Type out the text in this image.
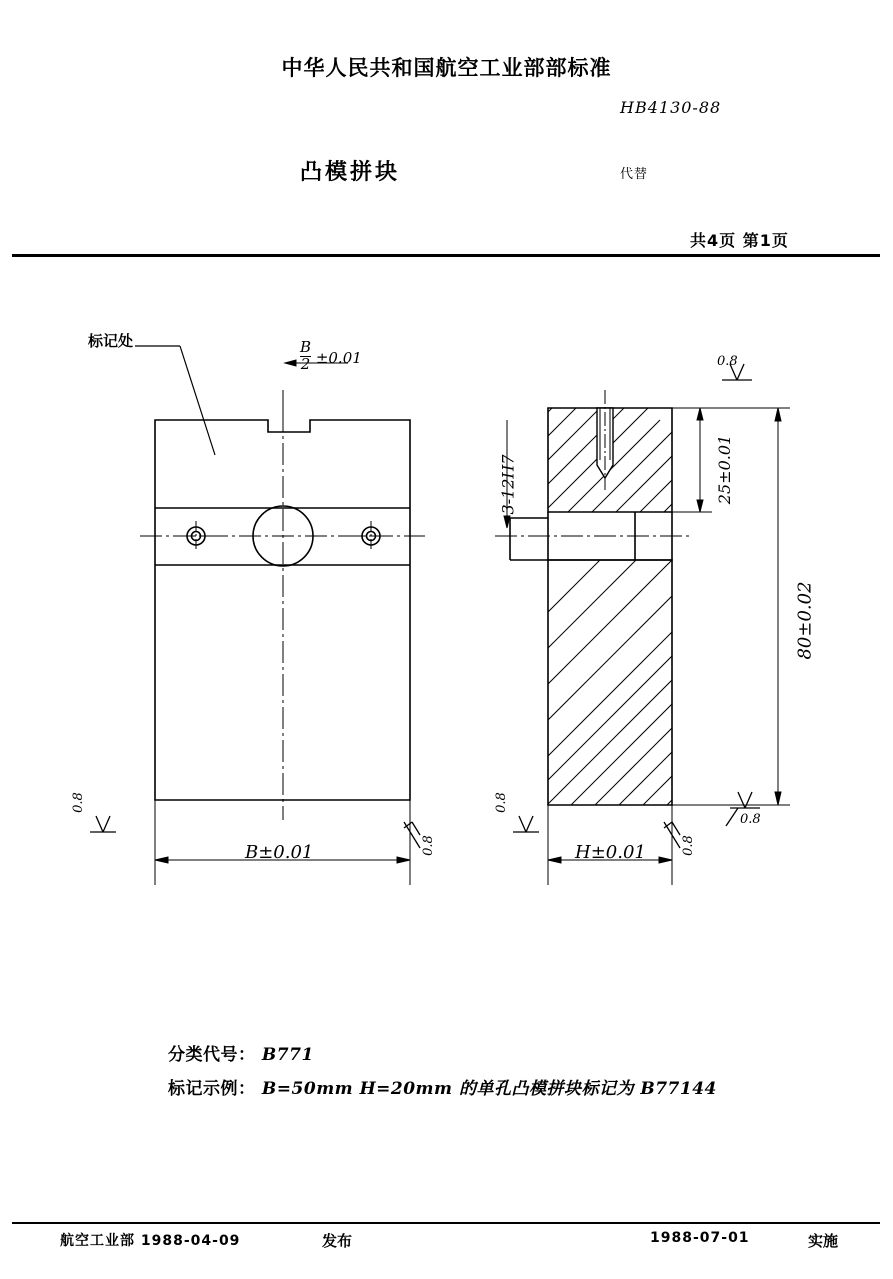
中华人民共和国航空工业部部标准
HB4130-88
凸模拼块	代替
共4页 第1页
标记处	$\frac{B}{2} \pm 0.01$
B±0.01
0.8
0.8
3-12H7	25±0.01
80±0.02
H±0.01
0.8
0.8
0.8
0.8
分类代号： B771
标记示例： B=50mm H=20mm 的单孔凸模拼块标记为 B77144
航空工业部 1988-04-09	发布	1988-07-01	实施
